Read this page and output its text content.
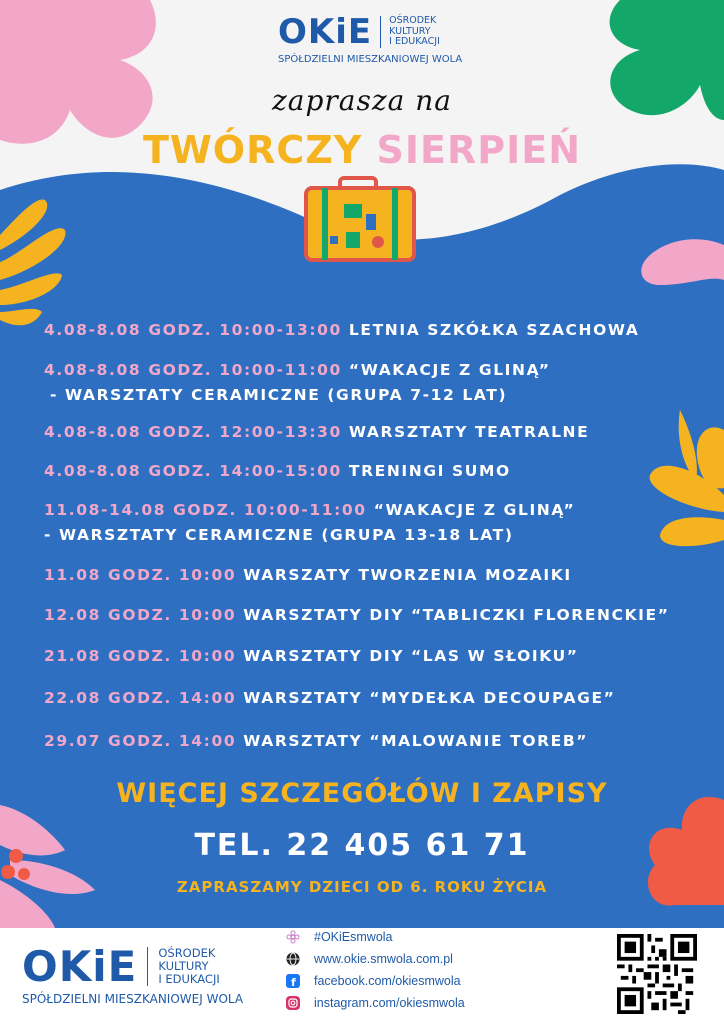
OKiE OŚRODEK
KULTURY
I EDUKACJI
SPÓŁDZIELNI MIESZKANIOWEJ WOLA
zaprasza na
TWÓRCZY SIERPIEŃ
4.08-8.08 GODZ. 10:00-13:00 LETNIA SZKÓŁKA SZACHOWA
4.08-8.08 GODZ. 10:00-11:00 “WAKACJE Z GLINĄ”
- WARSZTATY CERAMICZNE (GRUPA 7-12 LAT)
4.08-8.08 GODZ. 12:00-13:30 WARSZTATY TEATRALNE
4.08-8.08 GODZ. 14:00-15:00 TRENINGI SUMO
11.08-14.08 GODZ. 10:00-11:00 “WAKACJE Z GLINĄ”
- WARSZTATY CERAMICZNE (GRUPA 13-18 LAT)
11.08 GODZ. 10:00 WARSZATY TWORZENIA MOZAIKI
12.08 GODZ. 10:00 WARSZTATY DIY “TABLICZKI FLORENCKIE”
21.08 GODZ. 10:00 WARSZTATY DIY “LAS W SŁOIKU”
22.08 GODZ. 14:00 WARSZTATY “MYDEŁKA DECOUPAGE”
29.07 GODZ. 14:00 WARSZTATY “MALOWANIE TOREB”
WIĘCEJ SZCZEGÓŁÓW I ZAPISY
TEL. 22 405 61 71
ZAPRASZAMY DZIECI OD 6. ROKU ŻYCIA
OKiE OŚRODEK
KULTURY
I EDUKACJI
SPÓŁDZIELNI MIESZKANIOWEJ WOLA
#OKiEsmwola
www.okie.smwola.com.pl
f facebook.com/okiesmwola
instagram.com/okiesmwola
